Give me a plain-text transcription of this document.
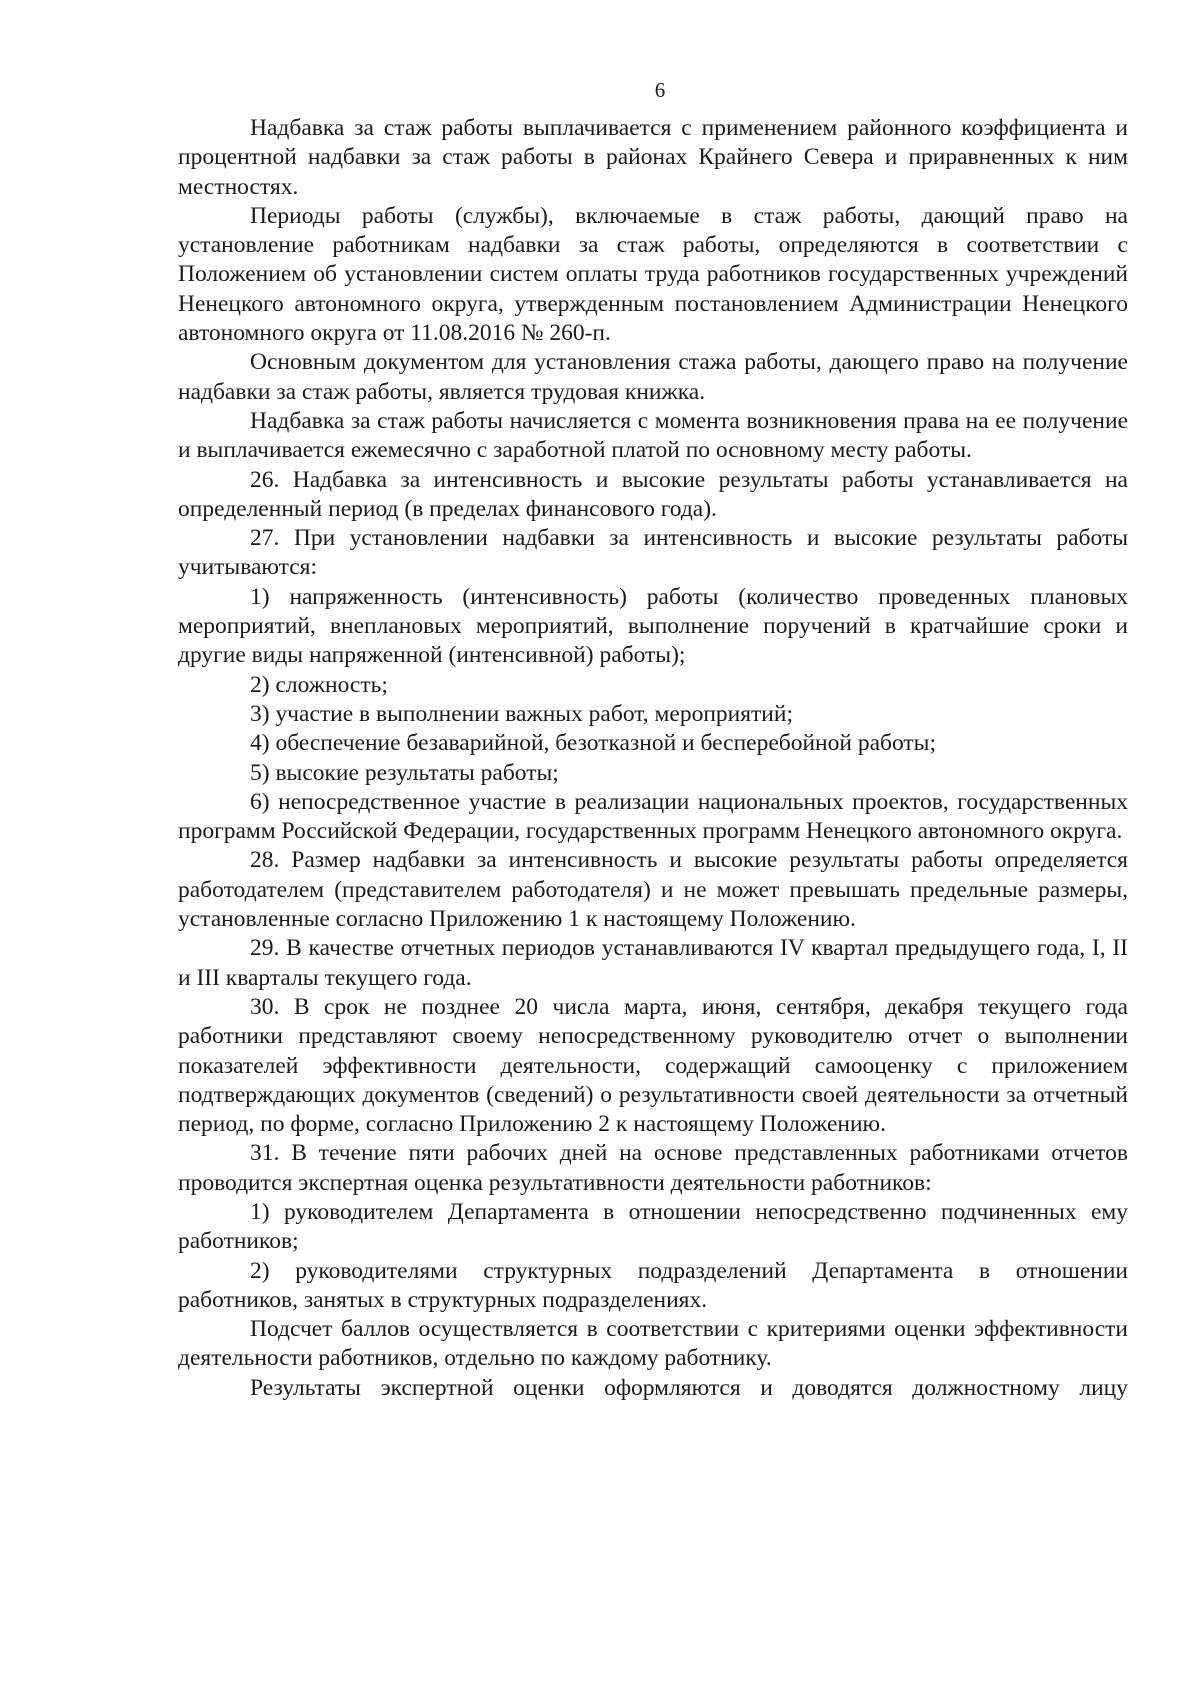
6

Надбавка за стаж работы выплачивается с применением районного коэффициента и процентной надбавки за стаж работы в районах Крайнего Севера и приравненных к ним местностях.

Периоды работы (службы), включаемые в стаж работы, дающий право на установление работникам надбавки за стаж работы, определяются в соответствии с Положением об установлении систем оплаты труда работников государственных учреждений Ненецкого автономного округа, утвержденным постановлением Администрации Ненецкого автономного округа от 11.08.2016 № 260-п.

Основным документом для установления стажа работы, дающего право на получение надбавки за стаж работы, является трудовая книжка.

Надбавка за стаж работы начисляется с момента возникновения права на ее получение и выплачивается ежемесячно с заработной платой по основному месту работы.

26. Надбавка за интенсивность и высокие результаты работы устанавливается на определенный период (в пределах финансового года).

27. При установлении надбавки за интенсивность и высокие результаты работы учитываются:

1) напряженность (интенсивность) работы (количество проведенных плановых мероприятий, внеплановых мероприятий, выполнение поручений в кратчайшие сроки и другие виды напряженной (интенсивной) работы);

2) сложность;

3) участие в выполнении важных работ, мероприятий;

4) обеспечение безаварийной, безотказной и бесперебойной работы;

5) высокие результаты работы;

6) непосредственное участие в реализации национальных проектов, государственных программ Российской Федерации, государственных программ Ненецкого автономного округа.

28. Размер надбавки за интенсивность и высокие результаты работы определяется работодателем (представителем работодателя) и не может превышать предельные размеры, установленные согласно Приложению 1 к настоящему Положению.

29. В качестве отчетных периодов устанавливаются IV квартал предыдущего года, I, II и III кварталы текущего года.

30. В срок не позднее 20 числа марта, июня, сентября, декабря текущего года работники представляют своему непосредственному руководителю отчет о выполнении показателей эффективности деятельности, содержащий самооценку с приложением подтверждающих документов (сведений) о результативности своей деятельности за отчетный период, по форме, согласно Приложению 2 к настоящему Положению.

31. В течение пяти рабочих дней на основе представленных работниками отчетов проводится экспертная оценка результативности деятельности работников:

1) руководителем Департамента в отношении непосредственно подчиненных ему работников;

2) руководителями структурных подразделений Департамента в отношении работников, занятых в структурных подразделениях.

Подсчет баллов осуществляется в соответствии с критериями оценки эффективности деятельности работников, отдельно по каждому работнику.

Результаты экспертной оценки оформляются и доводятся должностному лицу
